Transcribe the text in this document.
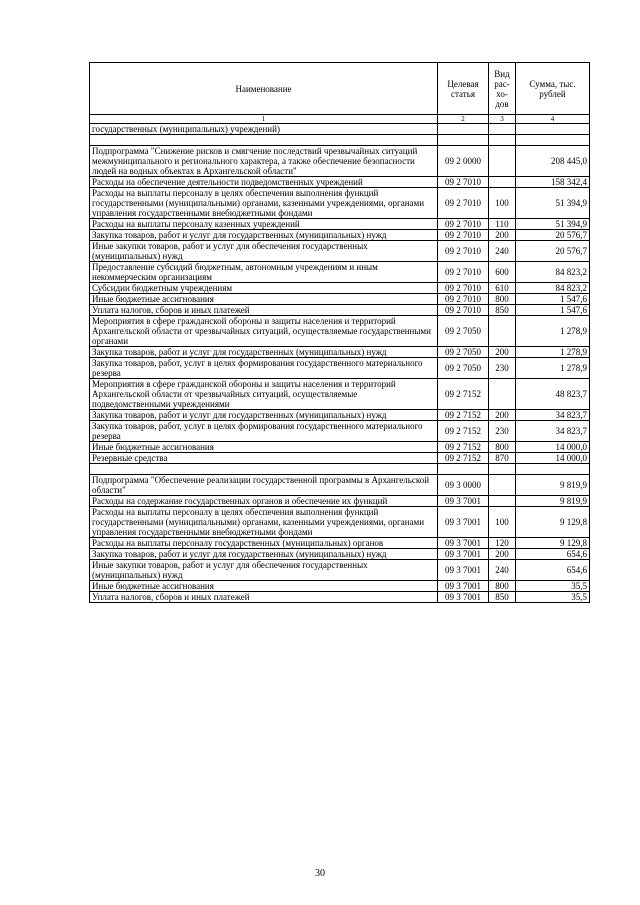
Наименование	Целевая статья	Вид рас-хо-дов	Сумма, тыс. рублей
1	2	3	4
государственных (муниципальных) учреждений)			

Подпрограмма "Снижение рисков и смягчение последствий чрезвычайных ситуаций межмуниципального и регионального характера, а также обеспечение безопасности людей на водных объектах в Архангельской области"	09 2 0000		208 445,0
Расходы на обеспечение деятельности подведомственных учреждений	09 2 7010		158 342,4
Расходы на выплаты персоналу в целях обеспечения выполнения функций государственными (муниципальными) органами, казенными учреждениями, органами управления государственными внебюджетными фондами	09 2 7010	100	51 394,9
Расходы на выплаты персоналу казенных учреждений	09 2 7010	110	51 394,9
Закупка товаров, работ и услуг для государственных (муниципальных) нужд	09 2 7010	200	20 576,7
Иные закупки товаров, работ и услуг для обеспечения государственных (муниципальных) нужд	09 2 7010	240	20 576,7
Предоставление субсидий бюджетным, автономным учреждениям и иным некоммерческим организациям	09 2 7010	600	84 823,2
Субсидии бюджетным учреждениям	09 2 7010	610	84 823,2
Иные бюджетные ассигнования	09 2 7010	800	1 547,6
Уплата налогов, сборов и иных платежей	09 2 7010	850	1 547,6
Мероприятия в сфере гражданской обороны и защиты населения и территорий Архангельской области от чрезвычайных ситуаций, осуществляемые государственными органами	09 2 7050		1 278,9
Закупка товаров, работ и услуг для государственных (муниципальных) нужд	09 2 7050	200	1 278,9
Закупка товаров, работ, услуг в целях формирования государственного материального резерва	09 2 7050	230	1 278,9
Мероприятия в сфере гражданской обороны и защиты населения и территорий Архангельской области от чрезвычайных ситуаций, осуществляемые подведомственными учреждениями	09 2 7152		48 823,7
Закупка товаров, работ и услуг для государственных (муниципальных) нужд	09 2 7152	200	34 823,7
Закупка товаров, работ, услуг в целях формирования государственного материального резерва	09 2 7152	230	34 823,7
Иные бюджетные ассигнования	09 2 7152	800	14 000,0
Резервные средства	09 2 7152	870	14 000,0

Подпрограмма "Обеспечение реализации государственной программы в Архангельской области"	09 3 0000		9 819,9
Расходы на содержание государственных органов и обеспечение их функций	09 3 7001		9 819,9
Расходы на выплаты персоналу в целях обеспечения выполнения функций государственными (муниципальными) органами, казенными учреждениями, органами управления государственными внебюджетными фондами	09 3 7001	100	9 129,8
Расходы на выплаты персоналу государственных (муниципальных) органов	09 3 7001	120	9 129,8
Закупка товаров, работ и услуг для государственных (муниципальных) нужд	09 3 7001	200	654,6
Иные закупки товаров, работ и услуг для обеспечения государственных (муниципальных) нужд	09 3 7001	240	654,6
Иные бюджетные ассигнования	09 3 7001	800	35,5
Уплата налогов, сборов и иных платежей	09 3 7001	850	35,5
30
